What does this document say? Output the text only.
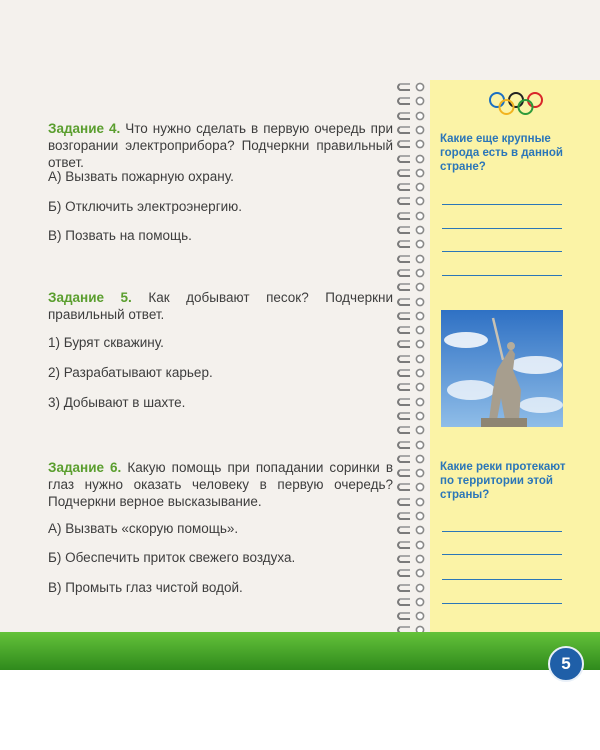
Задание 4. Что нужно сделать в первую очередь при возгорании электроприбора? Подчеркни правильный ответ.

А) Вызвать пожарную охрану.

Б) Отключить электроэнергию.

В) Позвать на помощь.

Задание 5. Как добывают песок? Подчеркни правильный ответ.

1) Бурят скважину.

2) Разрабатывают карьер.

3) Добывают в шахте.

Задание 6. Какую помощь при попадании соринки в глаз нужно оказать человеку в первую очередь? Подчеркни верное высказывание.

А) Вызвать «скорую помощь».

Б) Обеспечить приток свежего воздуха.

В) Промыть глаз чистой водой.

Какие еще крупные города есть в данной стране?

Какие реки протекают по территории этой страны?

5
